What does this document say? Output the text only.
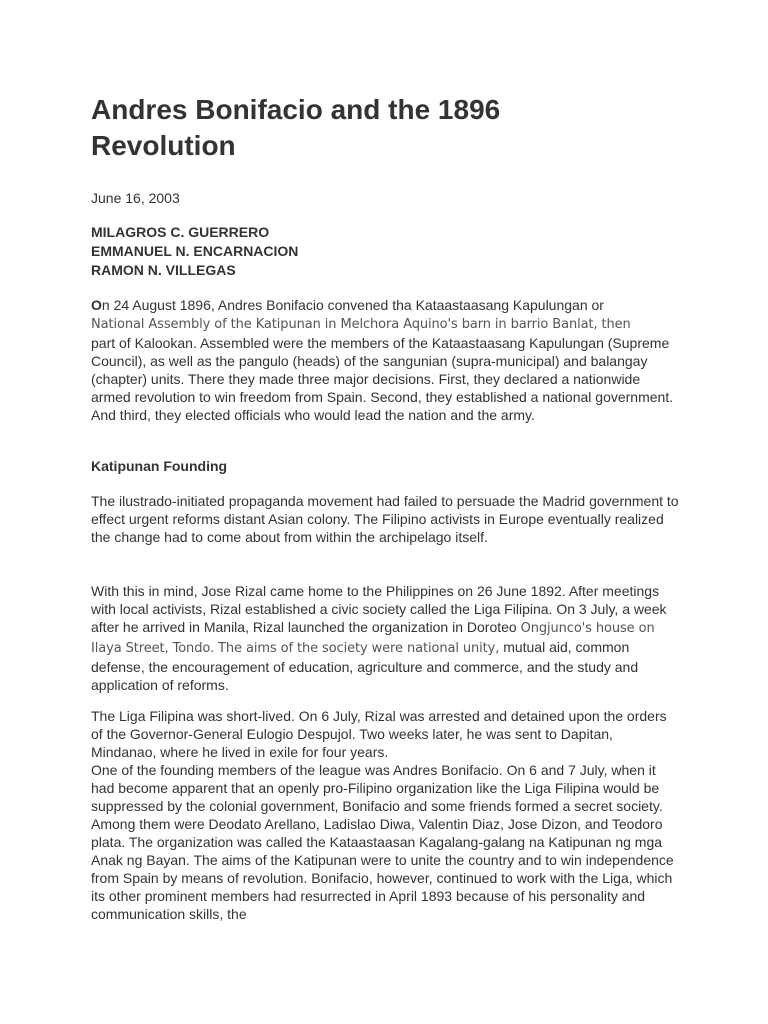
Andres Bonifacio and the 1896
Revolution

June 16, 2003

MILAGROS C. GUERRERO
EMMANUEL N. ENCARNACION
RAMON N. VILLEGAS

On 24 August 1896, Andres Bonifacio convened tha Kataastaasang Kapulungan or
National Assembly of the Katipunan in Melchora Aquino's barn in barrio Banlat, then
part of Kalookan. Assembled were the members of the Kataastaasang Kapulungan (Supreme Council), as well as the pangulo (heads) of the sangunian (supra-municipal) and balangay (chapter) units. There they made three major decisions. First, they declared a nationwide armed revolution to win freedom from Spain. Second, they established a national government. And third, they elected officials who would lead the nation and the army.

Katipunan Founding

The ilustrado-initiated propaganda movement had failed to persuade the Madrid government to effect urgent reforms distant Asian colony. The Filipino activists in Europe eventually realized the change had to come about from within the archipelago itself.

With this in mind, Jose Rizal came home to the Philippines on 26 June 1892. After meetings with local activists, Rizal established a civic society called the Liga Filipina. On 3 July, a week after he arrived in Manila, Rizal launched the organization in Doroteo Ongjunco's house on Ilaya Street, Tondo. The aims of the society were national unity, mutual aid, common defense, the encouragement of education, agriculture and commerce, and the study and application of reforms.

The Liga Filipina was short-lived. On 6 July, Rizal was arrested and detained upon the orders of the Governor-General Eulogio Despujol. Two weeks later, he was sent to Dapitan, Mindanao, where he lived in exile for four years.

One of the founding members of the league was Andres Bonifacio. On 6 and 7 July, when it had become apparent that an openly pro-Filipino organization like the Liga Filipina would be suppressed by the colonial government, Bonifacio and some friends formed a secret society. Among them were Deodato Arellano, Ladislao Diwa, Valentin Diaz, Jose Dizon, and Teodoro plata. The organization was called the Kataastaasan Kagalang-galang na Katipunan ng mga Anak ng Bayan. The aims of the Katipunan were to unite the country and to win independence from Spain by means of revolution. Bonifacio, however, continued to work with the Liga, which its other prominent members had resurrected in April 1893 because of his personality and communication skills, the
